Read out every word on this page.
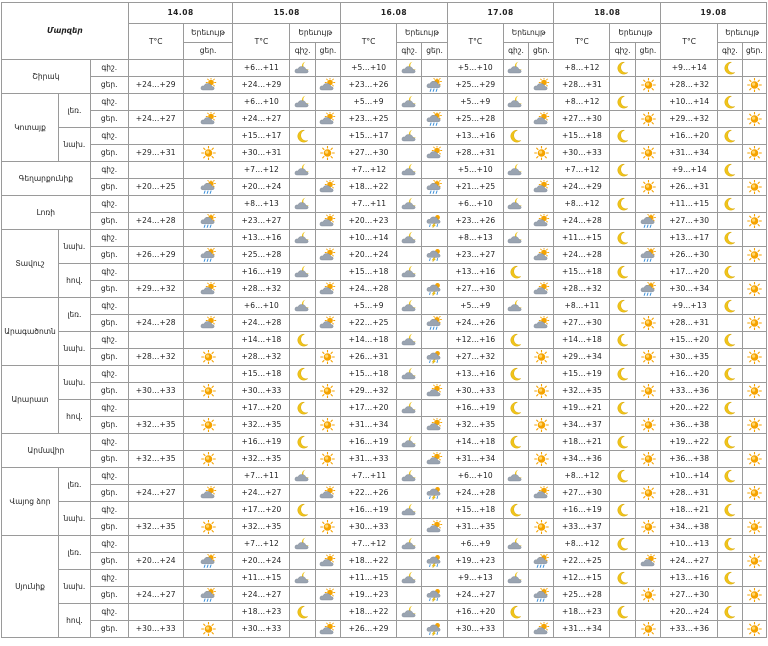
Մարզեր			14.08		15.08			16.08			17.08			18.08			19.08		
			T°C	Երեւույթ	T°C	Երեւույթ		T°C	Երեւույթ		T°C	Երեւույթ		T°C	Երեւույթ		T°C	Երեւույթ	
				ցեր.		գիշ.	ցեր.		գիշ.	ցեր.		գիշ.	ցեր.		գիշ.	ցեր.		գիշ.	ցեր.
Շիրակ		գիշ.			+6…+11			+5…+10			+5…+10			+8…+12			+9…+14		
		ցեր.	+24…+29		+24…+29			+23…+26			+25…+29			+28…+31			+28…+32		
Կոտայք	լեռ.	գիշ.			+6…+10			+5…+9			+5…+9			+8…+12			+10…+14		
		ցեր.	+24…+27		+24…+27			+23…+25			+25…+28			+27…+30			+29…+32		
	նախ.	գիշ.			+15…+17			+15…+17			+13…+16			+15…+18			+16…+20		
		ցեր.	+29…+31		+30…+31			+27…+30			+28…+31			+30…+33			+31…+34		
Գեղարքունիք		գիշ.			+7…+12			+7…+12			+5…+10			+7…+12			+9…+14		
		ցեր.	+20…+25		+20…+24			+18…+22			+21…+25			+24…+29			+26…+31		
Լոռի		գիշ.			+8…+13			+7…+11			+6…+10			+8…+12			+11…+15		
		ցեր.	+24…+28		+23…+27			+20…+23			+23…+26			+24…+28			+27…+30		
Տավուշ	նախ.	գիշ.			+13…+16			+10…+14			+8…+13			+11…+15			+13…+17		
		ցեր.	+26…+29		+25…+28			+20…+24			+23…+27			+24…+28			+26…+30		
	հով.	գիշ.			+16…+19			+15…+18			+13…+16			+15…+18			+17…+20		
		ցեր.	+29…+32		+28…+32			+24…+28			+27…+30			+28…+32			+30…+34		
Արագածոտն	լեռ.	գիշ.			+6…+10			+5…+9			+5…+9			+8…+11			+9…+13		
		ցեր.	+24…+28		+24…+28			+22…+25			+24…+26			+27…+30			+28…+31		
	նախ.	գիշ.			+14…+18			+14…+18			+12…+16			+14…+18			+15…+20		
		ցեր.	+28…+32		+28…+32			+26…+31			+27…+32			+29…+34			+30…+35		
Արարատ	նախ.	գիշ.			+15…+18			+15…+18			+13…+16			+15…+19			+16…+20		
		ցեր.	+30…+33		+30…+33			+29…+32			+30…+33			+32…+35			+33…+36		
	հով.	գիշ.			+17…+20			+17…+20			+16…+19			+19…+21			+20…+22		
		ցեր.	+32…+35		+32…+35			+31…+34			+32…+35			+34…+37			+36…+38		
Արմավիր		գիշ.			+16…+19			+16…+19			+14…+18			+18…+21			+19…+22		
		ցեր.	+32…+35		+32…+35			+31…+33			+31…+34			+34…+36			+36…+38		
Վայոց ձոր	լեռ.	գիշ.			+7…+11			+7…+11			+6…+10			+8…+12			+10…+14		
		ցեր.	+24…+27		+24…+27			+22…+26			+24…+28			+27…+30			+28…+31		
	նախ.	գիշ.			+17…+20			+16…+19			+15…+18			+16…+19			+18…+21		
		ցեր.	+32…+35		+32…+35			+30…+33			+31…+35			+33…+37			+34…+38		
Սյունիք	լեռ.	գիշ.			+7…+12			+7…+12			+6…+9			+8…+12			+10…+13		
		ցեր.	+20…+24		+20…+24			+18…+22			+19…+23			+22…+25			+24…+27		
	նախ.	գիշ.			+11…+15			+11…+15			+9…+13			+12…+15			+13…+16		
		ցեր.	+24…+27		+24…+27			+19…+23			+24…+27			+25…+28			+27…+30		
	հով.	գիշ.			+18…+23			+18…+22			+16…+20			+18…+23			+20…+24		
		ցեր.	+30…+33		+30…+33			+26…+29			+30…+33			+31…+34			+33…+36		
